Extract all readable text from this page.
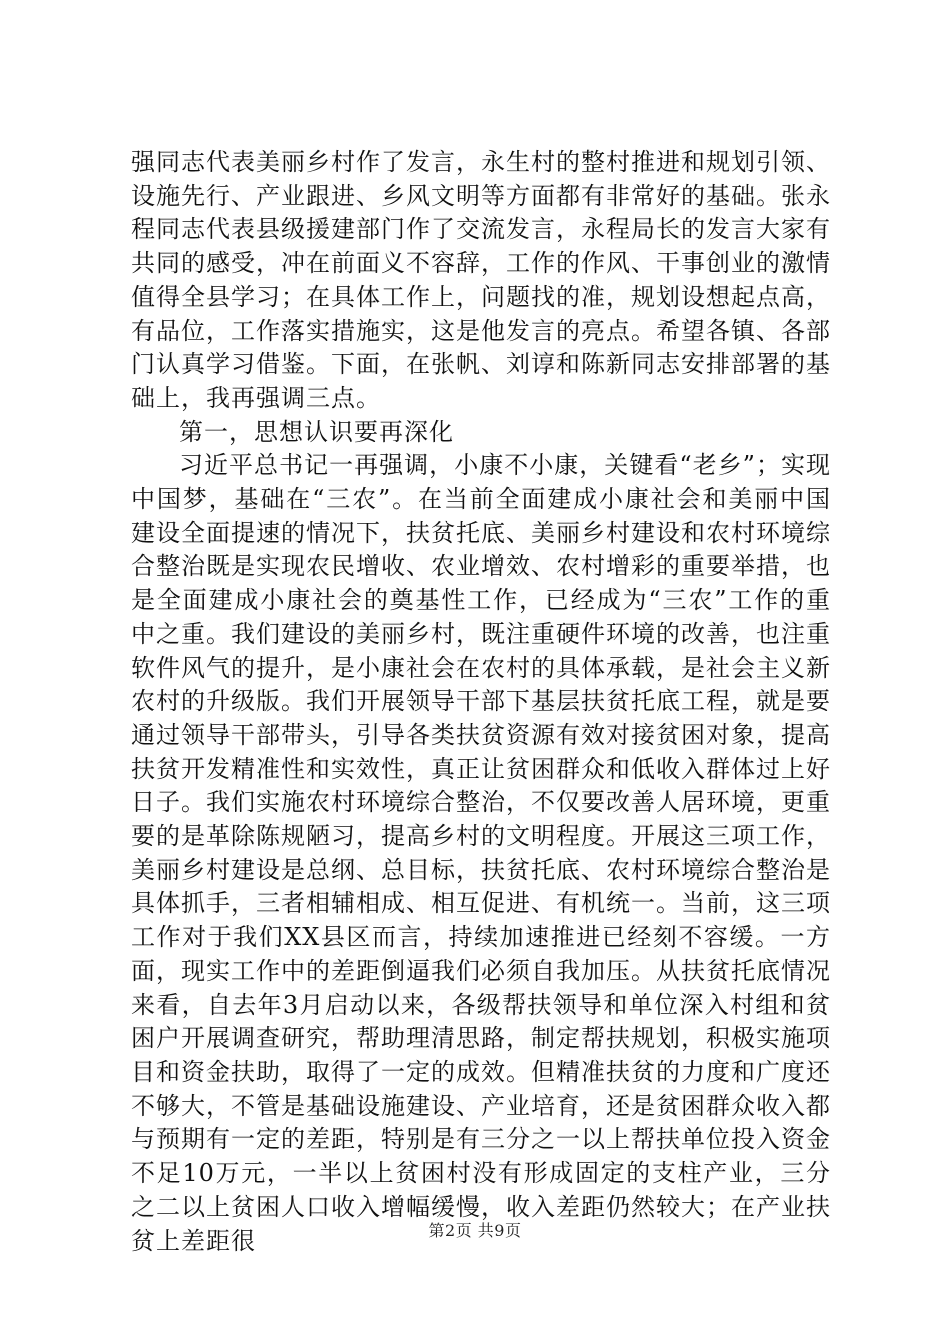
强同志代表美丽乡村作了发言，永生村的整村推进和规划引领、设施先行、产业跟进、乡风文明等方面都有非常好的基础。张永程同志代表县级援建部门作了交流发言，永程局长的发言大家有共同的感受，冲在前面义不容辞，工作的作风、干事创业的激情值得全县学习；在具体工作上，问题找的准，规划设想起点高，有品位，工作落实措施实，这是他发言的亮点。希望各镇、各部门认真学习借鉴。下面，在张帆、刘谆和陈新同志安排部署的基础上，我再强调三点。

第一，思想认识要再深化

习近平总书记一再强调，小康不小康，关键看“老乡”；实现中国梦，基础在“三农”。在当前全面建成小康社会和美丽中国建设全面提速的情况下，扶贫托底、美丽乡村建设和农村环境综合整治既是实现农民增收、农业增效、农村增彩的重要举措，也是全面建成小康社会的奠基性工作，已经成为“三农”工作的重中之重。我们建设的美丽乡村，既注重硬件环境的改善，也注重软件风气的提升，是小康社会在农村的具体承载，是社会主义新农村的升级版。我们开展领导干部下基层扶贫托底工程，就是要通过领导干部带头，引导各类扶贫资源有效对接贫困对象，提高扶贫开发精准性和实效性，真正让贫困群众和低收入群体过上好日子。我们实施农村环境综合整治，不仅要改善人居环境，更重要的是革除陈规陋习，提高乡村的文明程度。开展这三项工作，美丽乡村建设是总纲、总目标，扶贫托底、农村环境综合整治是具体抓手，三者相辅相成、相互促进、有机统一。当前，这三项工作对于我们XX县区而言，持续加速推进已经刻不容缓。一方面，现实工作中的差距倒逼我们必须自我加压。从扶贫托底情况来看，自去年3月启动以来，各级帮扶领导和单位深入村组和贫困户开展调查研究，帮助理清思路，制定帮扶规划，积极实施项目和资金扶助，取得了一定的成效。但精准扶贫的力度和广度还不够大，不管是基础设施建设、产业培育，还是贫困群众收入都与预期有一定的差距，特别是有三分之一以上帮扶单位投入资金不足10万元，一半以上贫困村没有形成固定的支柱产业，三分之二以上贫困人口收入增幅缓慢，收入差距仍然较大；在产业扶贫上差距很	第2页 共9页
